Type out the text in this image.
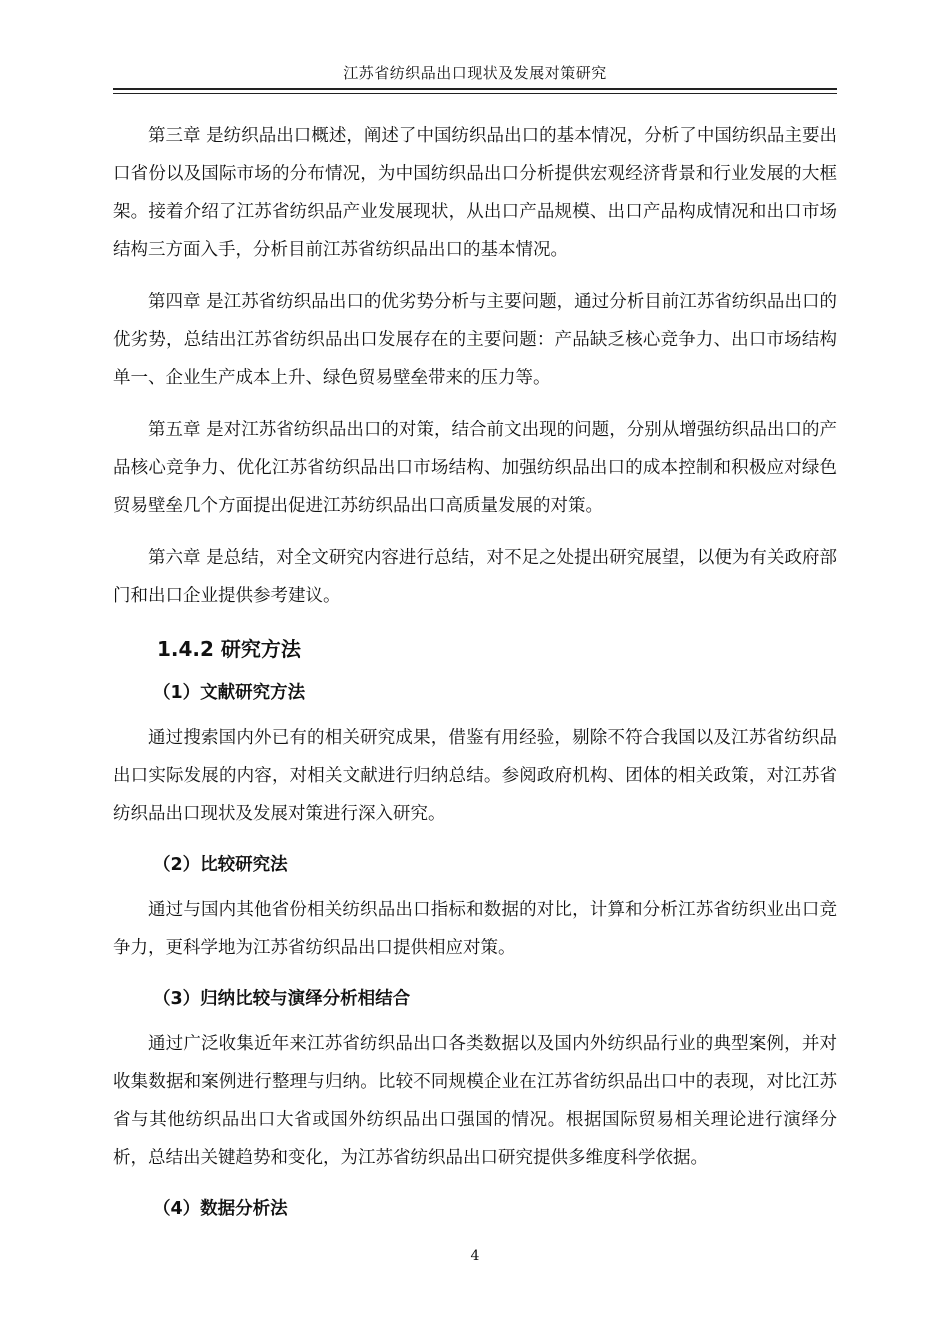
江苏省纺织品出口现状及发展对策研究

第三章 是纺织品出口概述，阐述了中国纺织品出口的基本情况，分析了中国纺织品主要出口省份以及国际市场的分布情况，为中国纺织品出口分析提供宏观经济背景和行业发展的大框架。接着介绍了江苏省纺织品产业发展现状，从出口产品规模、出口产品构成情况和出口市场结构三方面入手，分析目前江苏省纺织品出口的基本情况。

第四章 是江苏省纺织品出口的优劣势分析与主要问题，通过分析目前江苏省纺织品出口的优劣势，总结出江苏省纺织品出口发展存在的主要问题：产品缺乏核心竞争力、出口市场结构单一、企业生产成本上升、绿色贸易壁垒带来的压力等。

第五章 是对江苏省纺织品出口的对策，结合前文出现的问题，分别从增强纺织品出口的产品核心竞争力、优化江苏省纺织品出口市场结构、加强纺织品出口的成本控制和积极应对绿色贸易壁垒几个方面提出促进江苏纺织品出口高质量发展的对策。

第六章 是总结，对全文研究内容进行总结，对不足之处提出研究展望，以便为有关政府部门和出口企业提供参考建议。

1.4.2 研究方法
（1）文献研究方法

通过搜索国内外已有的相关研究成果，借鉴有用经验，剔除不符合我国以及江苏省纺织品出口实际发展的内容，对相关文献进行归纳总结。参阅政府机构、团体的相关政策，对江苏省纺织品出口现状及发展对策进行深入研究。

（2）比较研究法

通过与国内其他省份相关纺织品出口指标和数据的对比，计算和分析江苏省纺织业出口竞争力，更科学地为江苏省纺织品出口提供相应对策。

（3）归纳比较与演绎分析相结合

通过广泛收集近年来江苏省纺织品出口各类数据以及国内外纺织品行业的典型案例，并对收集数据和案例进行整理与归纳。比较不同规模企业在江苏省纺织品出口中的表现，对比江苏省与其他纺织品出口大省或国外纺织品出口强国的情况。根据国际贸易相关理论进行演绎分析，总结出关键趋势和变化，为江苏省纺织品出口研究提供多维度科学依据。

（4）数据分析法
4
